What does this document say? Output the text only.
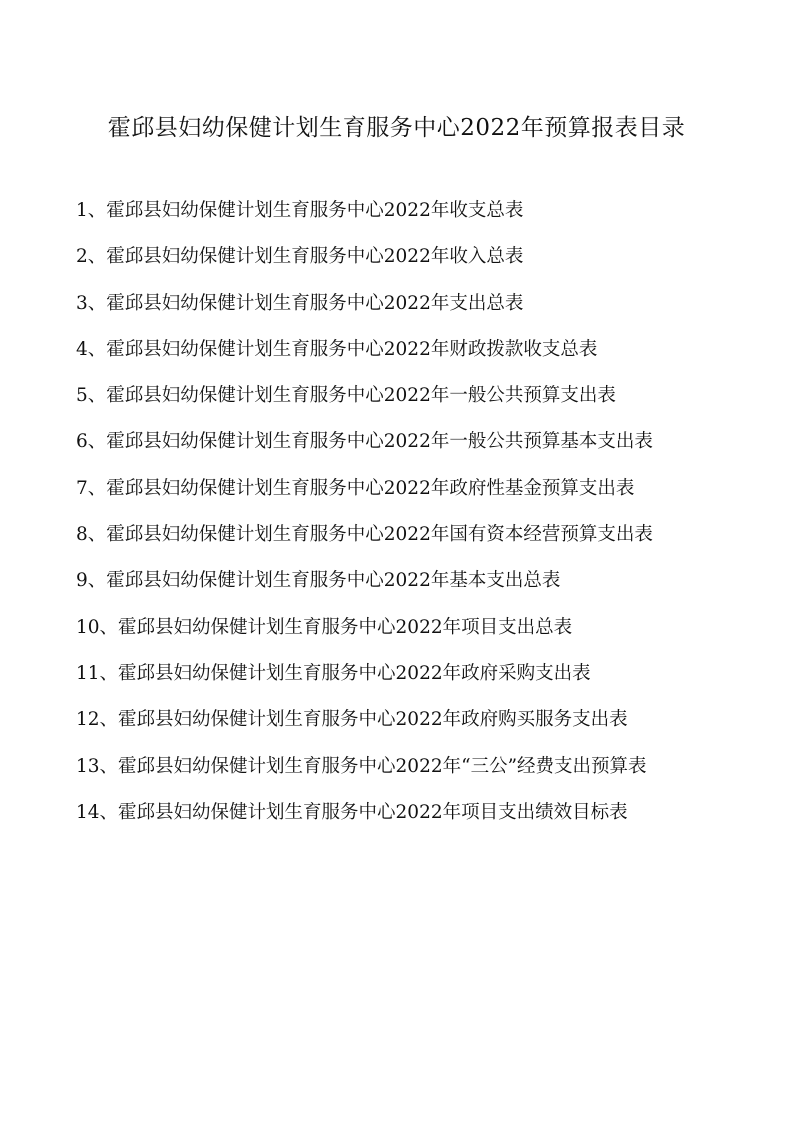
霍邱县妇幼保健计划生育服务中心2022年预算报表目录
1、霍邱县妇幼保健计划生育服务中心2022年收支总表
2、霍邱县妇幼保健计划生育服务中心2022年收入总表
3、霍邱县妇幼保健计划生育服务中心2022年支出总表
4、霍邱县妇幼保健计划生育服务中心2022年财政拨款收支总表
5、霍邱县妇幼保健计划生育服务中心2022年一般公共预算支出表
6、霍邱县妇幼保健计划生育服务中心2022年一般公共预算基本支出表
7、霍邱县妇幼保健计划生育服务中心2022年政府性基金预算支出表
8、霍邱县妇幼保健计划生育服务中心2022年国有资本经营预算支出表
9、霍邱县妇幼保健计划生育服务中心2022年基本支出总表
10、霍邱县妇幼保健计划生育服务中心2022年项目支出总表
11、霍邱县妇幼保健计划生育服务中心2022年政府采购支出表
12、霍邱县妇幼保健计划生育服务中心2022年政府购买服务支出表
13、霍邱县妇幼保健计划生育服务中心2022年“三公”经费支出预算表
14、霍邱县妇幼保健计划生育服务中心2022年项目支出绩效目标表
